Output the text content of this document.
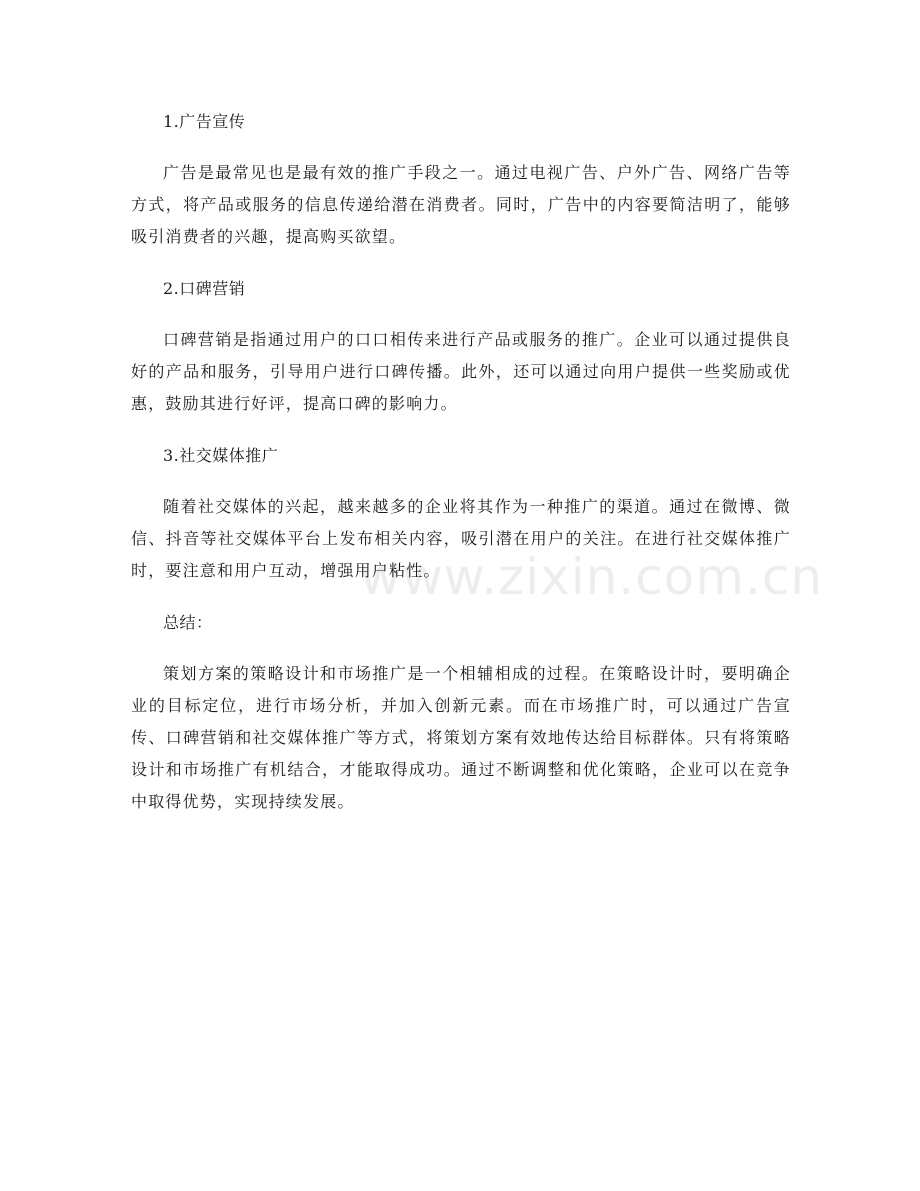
1.广告宣传
广告是最常见也是最有效的推广手段之一。通过电视广告、户外广告、网络广告等方式，将产品或服务的信息传递给潜在消费者。同时，广告中的内容要简洁明了，能够吸引消费者的兴趣，提高购买欲望。
2.口碑营销
口碑营销是指通过用户的口口相传来进行产品或服务的推广。企业可以通过提供良好的产品和服务，引导用户进行口碑传播。此外，还可以通过向用户提供一些奖励或优惠，鼓励其进行好评，提高口碑的影响力。
3.社交媒体推广
随着社交媒体的兴起，越来越多的企业将其作为一种推广的渠道。通过在微博、微信、抖音等社交媒体平台上发布相关内容，吸引潜在用户的关注。在进行社交媒体推广时，要注意和用户互动，增强用户粘性。
总结：
策划方案的策略设计和市场推广是一个相辅相成的过程。在策略设计时，要明确企业的目标定位，进行市场分析，并加入创新元素。而在市场推广时，可以通过广告宣传、口碑营销和社交媒体推广等方式，将策划方案有效地传达给目标群体。只有将策略设计和市场推广有机结合，才能取得成功。通过不断调整和优化策略，企业可以在竞争中取得优势，实现持续发展。
www.zixin.com.cn
